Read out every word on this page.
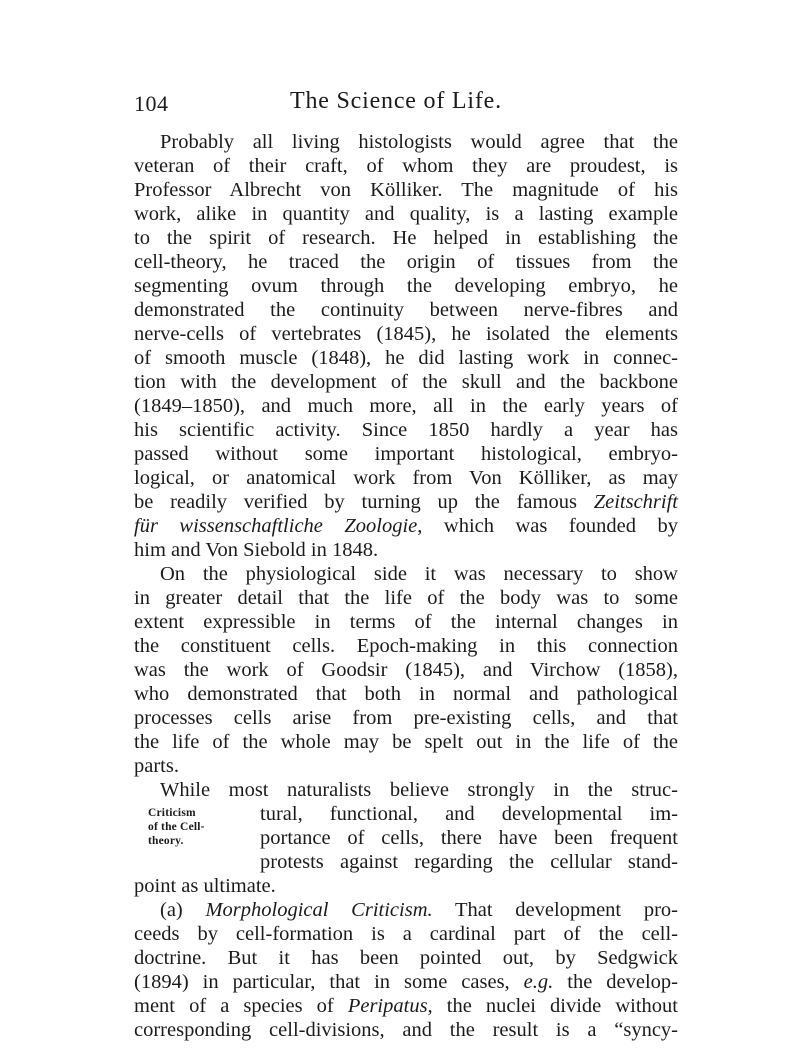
104	The Science of Life.
Probably all living histologists would agree that the
veteran of their craft, of whom they are proudest, is
Professor Albrecht von Kölliker. The magnitude of his
work, alike in quantity and quality, is a lasting example
to the spirit of research. He helped in establishing the
cell-theory, he traced the origin of tissues from the
segmenting ovum through the developing embryo, he
demonstrated the continuity between nerve-fibres and
nerve-cells of vertebrates (1845), he isolated the elements
of smooth muscle (1848), he did lasting work in connec-
tion with the development of the skull and the backbone
(1849–1850), and much more, all in the early years of
his scientific activity. Since 1850 hardly a year has
passed without some important histological, embryo-
logical, or anatomical work from Von Kölliker, as may
be readily verified by turning up the famous Zeitschrift
für wissenschaftliche Zoologie, which was founded by
him and Von Siebold in 1848.
On the physiological side it was necessary to show
in greater detail that the life of the body was to some
extent expressible in terms of the internal changes in
the constituent cells. Epoch-making in this connection
was the work of Goodsir (1845), and Virchow (1858),
who demonstrated that both in normal and pathological
processes cells arise from pre-existing cells, and that
the life of the whole may be spelt out in the life of the
parts.
While most naturalists believe strongly in the struc-
tural, functional, and developmental im-
portance of cells, there have been frequent
protests against regarding the cellular stand-
point as ultimate.
Criticism
of the Cell-
theory.
(a) Morphological Criticism. That development pro-
ceeds by cell-formation is a cardinal part of the cell-
doctrine. But it has been pointed out, by Sedgwick
(1894) in particular, that in some cases, e.g. the develop-
ment of a species of Peripatus, the nuclei divide without
corresponding cell-divisions, and the result is a “syncy-
